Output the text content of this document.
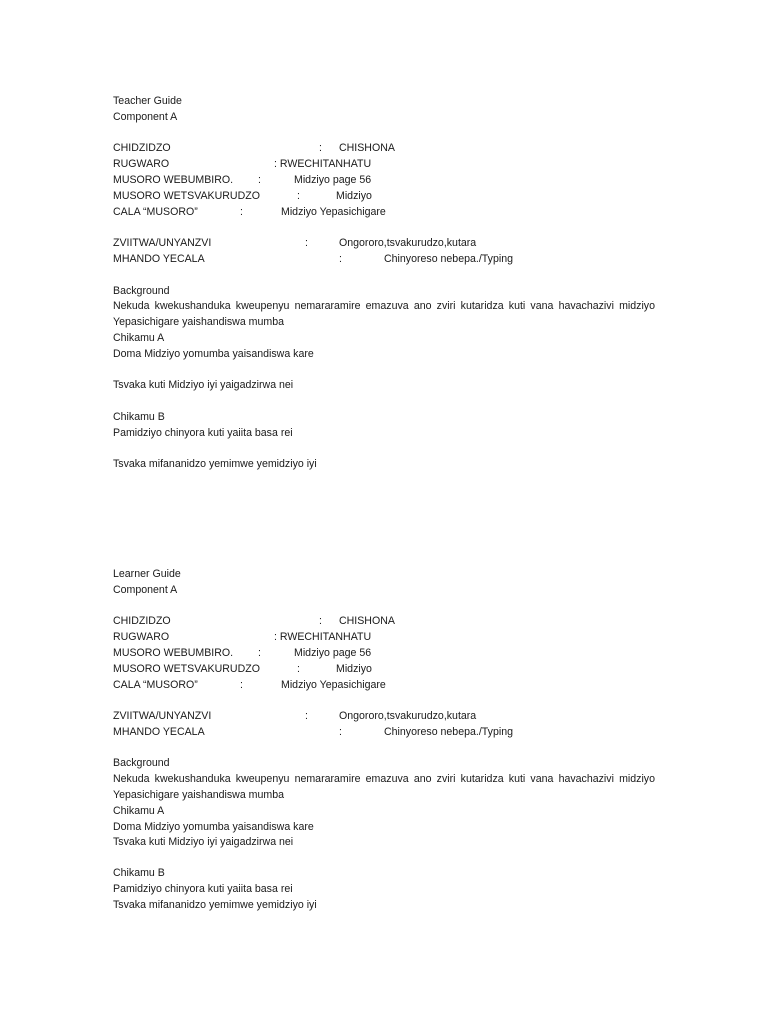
Teacher Guide
Component A
CHIDZIDZO	: CHISHONA
RUGWARO	: RWECHITANHATU
MUSORO WEBUMBIRO. :	Midziyo page 56
MUSORO WETSVAKURUDZO	:	Midziyo
CALA “MUSORO”	:	Midziyo Yepasichigare
ZVIITWA/UNYANZVI	:	Ongororo,tsvakurudzo,kutara
MHANDO YECALA	:	Chinyoreso nebepa./Typing
Background
Nekuda kwekushanduka kweupenyu nemararamire emazuva ano zviri kutaridza kuti vana havachazivi midziyo Yepasichigare yaishandiswa mumba
Chikamu A
Doma Midziyo yomumba yaisandiswa kare
Tsvaka kuti Midziyo iyi yaigadzirwa nei
Chikamu B
Pamidziyo chinyora kuti yaiita basa rei
Tsvaka mifananidzo yemimwe yemidziyo iyi
Learner Guide
Component A
CHIDZIDZO	: CHISHONA
RUGWARO	: RWECHITANHATU
MUSORO WEBUMBIRO. :	Midziyo page 56
MUSORO WETSVAKURUDZO	:	Midziyo
CALA “MUSORO”	:	Midziyo Yepasichigare
ZVIITWA/UNYANZVI	:	Ongororo,tsvakurudzo,kutara
MHANDO YECALA	:	Chinyoreso nebepa./Typing
Background
Nekuda kwekushanduka kweupenyu nemararamire emazuva ano zviri kutaridza kuti vana havachazivi midziyo Yepasichigare yaishandiswa mumba
Chikamu A
Doma Midziyo yomumba yaisandiswa kare
Tsvaka kuti Midziyo iyi yaigadzirwa nei
Chikamu B
Pamidziyo chinyora kuti yaiita basa rei
Tsvaka mifananidzo yemimwe yemidziyo iyi
